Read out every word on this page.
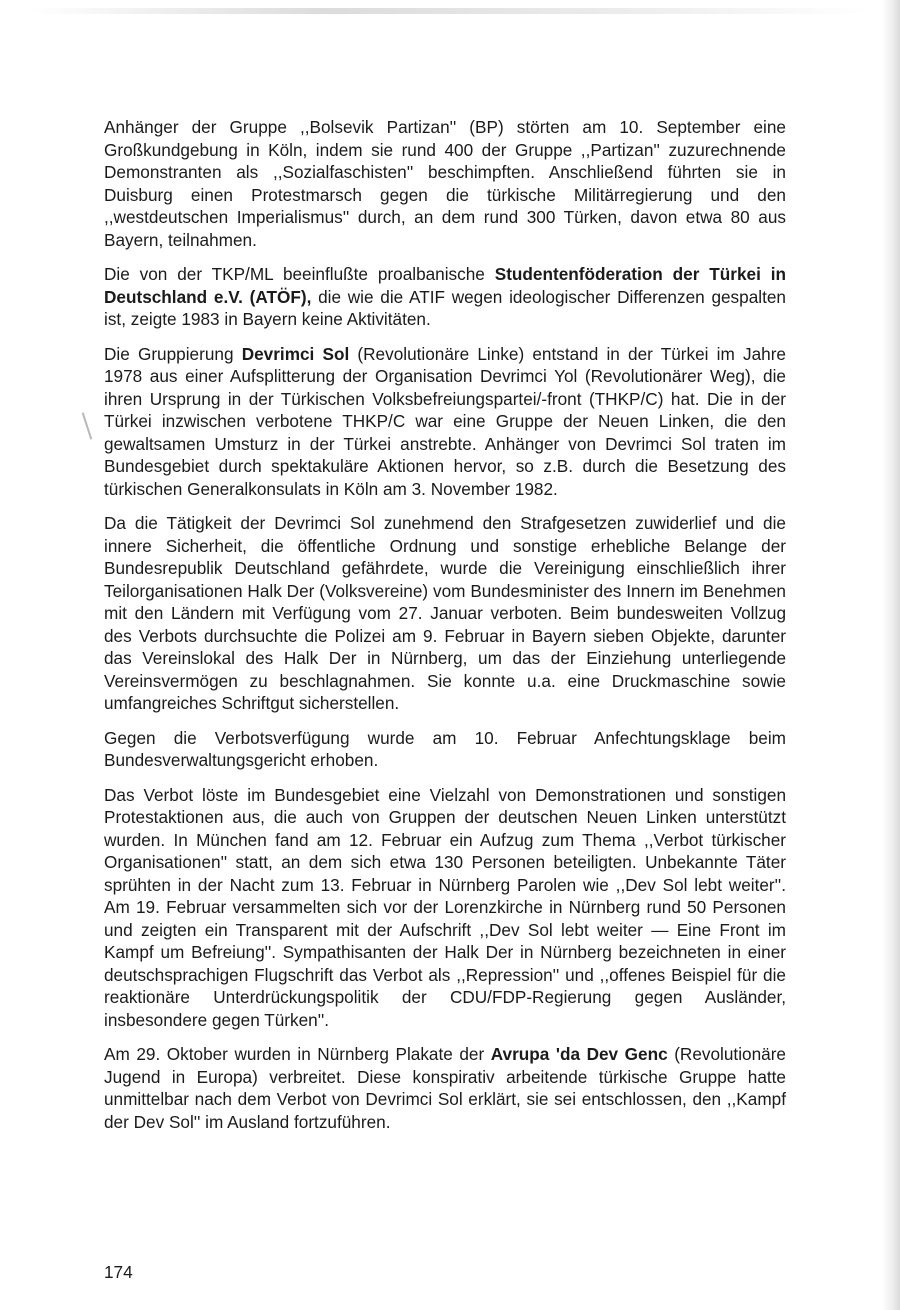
Anhänger der Gruppe ,,Bolsevik Partizan'' (BP) störten am 10. September eine Großkundgebung in Köln, indem sie rund 400 der Gruppe ,,Partizan'' zuzurechnende Demonstranten als ,,Sozialfaschisten'' beschimpften. Anschließend führten sie in Duisburg einen Protestmarsch gegen die türkische Militärregierung und den ,,westdeutschen Imperialismus'' durch, an dem rund 300 Türken, davon etwa 80 aus Bayern, teilnahmen.

Die von der TKP/ML beeinflußte proalbanische Studentenföderation der Türkei in Deutschland e.V. (ATÖF), die wie die ATIF wegen ideologischer Differenzen gespalten ist, zeigte 1983 in Bayern keine Aktivitäten.

Die Gruppierung Devrimci Sol (Revolutionäre Linke) entstand in der Türkei im Jahre 1978 aus einer Aufsplitterung der Organisation Devrimci Yol (Revolutionärer Weg), die ihren Ursprung in der Türkischen Volksbefreiungspartei/-front (THKP/C) hat. Die in der Türkei inzwischen verbotene THKP/C war eine Gruppe der Neuen Linken, die den gewaltsamen Umsturz in der Türkei anstrebte. Anhänger von Devrimci Sol traten im Bundesgebiet durch spektakuläre Aktionen hervor, so z.B. durch die Besetzung des türkischen Generalkonsulats in Köln am 3. November 1982.

Da die Tätigkeit der Devrimci Sol zunehmend den Strafgesetzen zuwiderlief und die innere Sicherheit, die öffentliche Ordnung und sonstige erhebliche Belange der Bundesrepublik Deutschland gefährdete, wurde die Vereinigung einschließlich ihrer Teilorganisationen Halk Der (Volksvereine) vom Bundesminister des Innern im Benehmen mit den Ländern mit Verfügung vom 27. Januar verboten. Beim bundesweiten Vollzug des Verbots durchsuchte die Polizei am 9. Februar in Bayern sieben Objekte, darunter das Vereinslokal des Halk Der in Nürnberg, um das der Einziehung unterliegende Vereinsvermögen zu beschlagnahmen. Sie konnte u.a. eine Druckmaschine sowie umfangreiches Schriftgut sicherstellen.

Gegen die Verbotsverfügung wurde am 10. Februar Anfechtungsklage beim Bundesverwaltungsgericht erhoben.

Das Verbot löste im Bundesgebiet eine Vielzahl von Demonstrationen und sonstigen Protestaktionen aus, die auch von Gruppen der deutschen Neuen Linken unterstützt wurden. In München fand am 12. Februar ein Aufzug zum Thema ,,Verbot türkischer Organisationen'' statt, an dem sich etwa 130 Personen beteiligten. Unbekannte Täter sprühten in der Nacht zum 13. Februar in Nürnberg Parolen wie ,,Dev Sol lebt weiter''. Am 19. Februar versammelten sich vor der Lorenzkirche in Nürnberg rund 50 Personen und zeigten ein Transparent mit der Aufschrift ,,Dev Sol lebt weiter — Eine Front im Kampf um Befreiung''. Sympathisanten der Halk Der in Nürnberg bezeichneten in einer deutschsprachigen Flugschrift das Verbot als ,,Repression'' und ,,offenes Beispiel für die reaktionäre Unterdrückungspolitik der CDU/FDP-Regierung gegen Ausländer, insbesondere gegen Türken''.

Am 29. Oktober wurden in Nürnberg Plakate der Avrupa 'da Dev Genc (Revolutionäre Jugend in Europa) verbreitet. Diese konspirativ arbeitende türkische Gruppe hatte unmittelbar nach dem Verbot von Devrimci Sol erklärt, sie sei entschlossen, den ,,Kampf der Dev Sol'' im Ausland fortzuführen.

174
